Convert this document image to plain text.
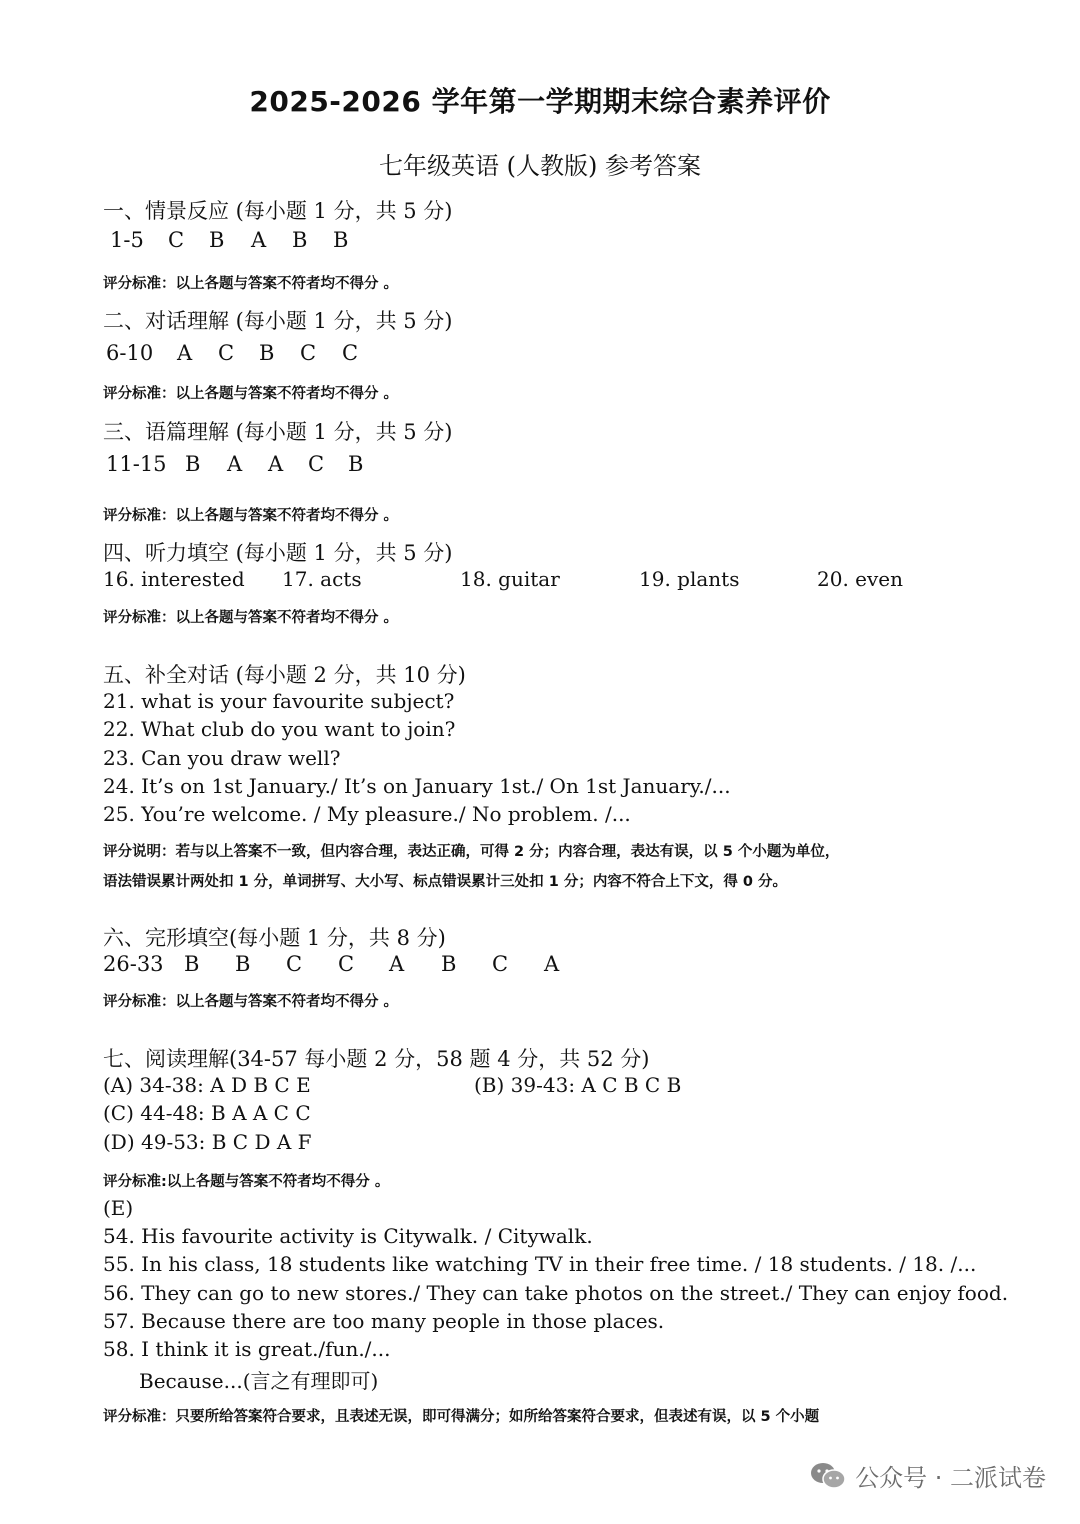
2025-2026 学年第一学期期末综合素养评价
七年级英语 (人教版) 参考答案
一、情景反应 (每小题 1 分，共 5 分)
1-5 C B A B B
评分标准：以上各题与答案不符者均不得分 。
二、对话理解 (每小题 1 分，共 5 分)
6-10 A C B C C
评分标准：以上各题与答案不符者均不得分 。
三、语篇理解 (每小题 1 分，共 5 分)
11-15 B A A C B
评分标准：以上各题与答案不符者均不得分 。
四、听力填空 (每小题 1 分，共 5 分)
16. interested 17. acts	18. guitar	19. plants	20. even
评分标准：以上各题与答案不符者均不得分 。
五、补全对话 (每小题 2 分，共 10 分)
21. what is your favourite subject?
22. What club do you want to join?
23. Can you draw well?
24. It’s on 1st January./ It’s on January 1st./ On 1st January./...
25. You’re welcome. / My pleasure./ No problem. /...
评分说明：若与以上答案不一致，但内容合理，表达正确，可得 2 分；内容合理，表达有误，以 5 个小题为单位，
语法错误累计两处扣 1 分，单词拼写、大小写、标点错误累计三处扣 1 分；内容不符合上下文，得 0 分。
六、完形填空(每小题 1 分，共 8 分)
26-33 B B C C A B C A
评分标准：以上各题与答案不符者均不得分 。
七、阅读理解(34-57 每小题 2 分，58 题 4 分，共 52 分)
(A) 34-38: A D B C E	(B) 39-43: A C B C B
(C) 44-48: B A A C C
(D) 49-53: B C D A F
评分标准:以上各题与答案不符者均不得分 。
(E)
54. His favourite activity is Citywalk. / Citywalk.
55. In his class, 18 students like watching TV in their free time. / 18 students. / 18. /...
56. They can go to new stores./ They can take photos on the street./ They can enjoy food.
57. Because there are too many people in those places.
58. I think it is great./fun./...
Because...(言之有理即可)
评分标准：只要所给答案符合要求，且表述无误，即可得满分；如所给答案符合要求，但表述有误，以 5 个小题
公众号 · 二派试卷
